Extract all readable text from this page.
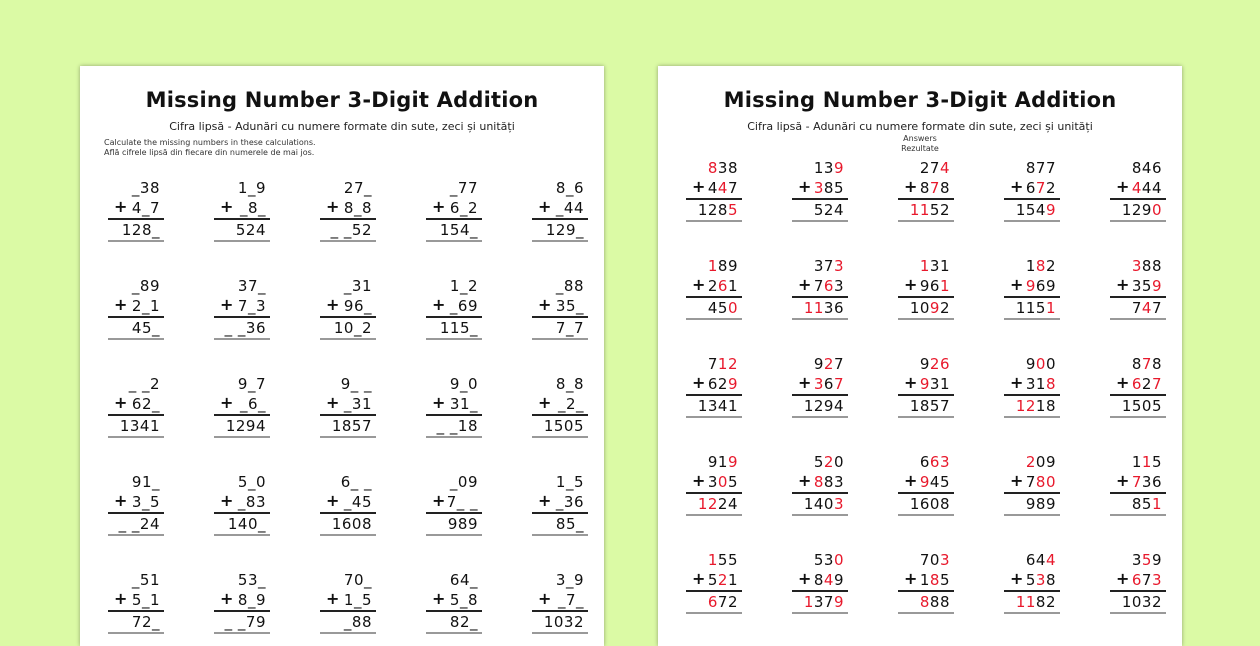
Missing Number 3-Digit Addition
Cifra lipsă - Adunări cu numere formate din sute, zeci și unități
Calculate the missing numbers in these calculations.
Află cifrele lipsă din fiecare din numerele de mai jos.
_38
+ 4_7
128_
1_9
+ _8_
524
27_
+ 8_8
_ _52
_77
+ 6_2
154_
8_6
+ _44
129_
_89
+ 2_1
45_
37_
+ 7_3
_ _36
_31
+ 96_
10_2
1_2
+ _69
115_
_88
+ 35_
7_7
_ _2
+ 62_
1341
9_7
+ _6_
1294
9_ _
+ _31
1857
9_0
+ 31_
_ _18
8_8
+ _2_
1505
91_
+ 3_5
_ _24
5_0
+ _83
140_
6_ _
+ _45
1608
_09
+ 7_ _
989
1_5
+ _36
85_
_51
+ 5_1
72_
53_
+ 8_9
_ _79
70_
+ 1_5
_88
64_
+ 5_8
82_
3_9
+ _7_
1032
Missing Number 3-Digit Addition
Cifra lipsă - Adunări cu numere formate din sute, zeci și unități
Answers
Rezultate
838
+ 447
1285
139
+ 385
524
274
+ 878
1152
877
+ 672
1549
846
+ 444
1290
189
+ 261
450
373
+ 763
1136
131
+ 961
1092
182
+ 969
1151
388
+ 359
747
712
+ 629
1341
927
+ 367
1294
926
+ 931
1857
900
+ 318
1218
878
+ 627
1505
919
+ 305
1224
520
+ 883
1403
663
+ 945
1608
209
+ 780
989
115
+ 736
851
155
+ 521
672
530
+ 849
1379
703
+ 185
888
644
+ 538
1182
359
+ 673
1032
